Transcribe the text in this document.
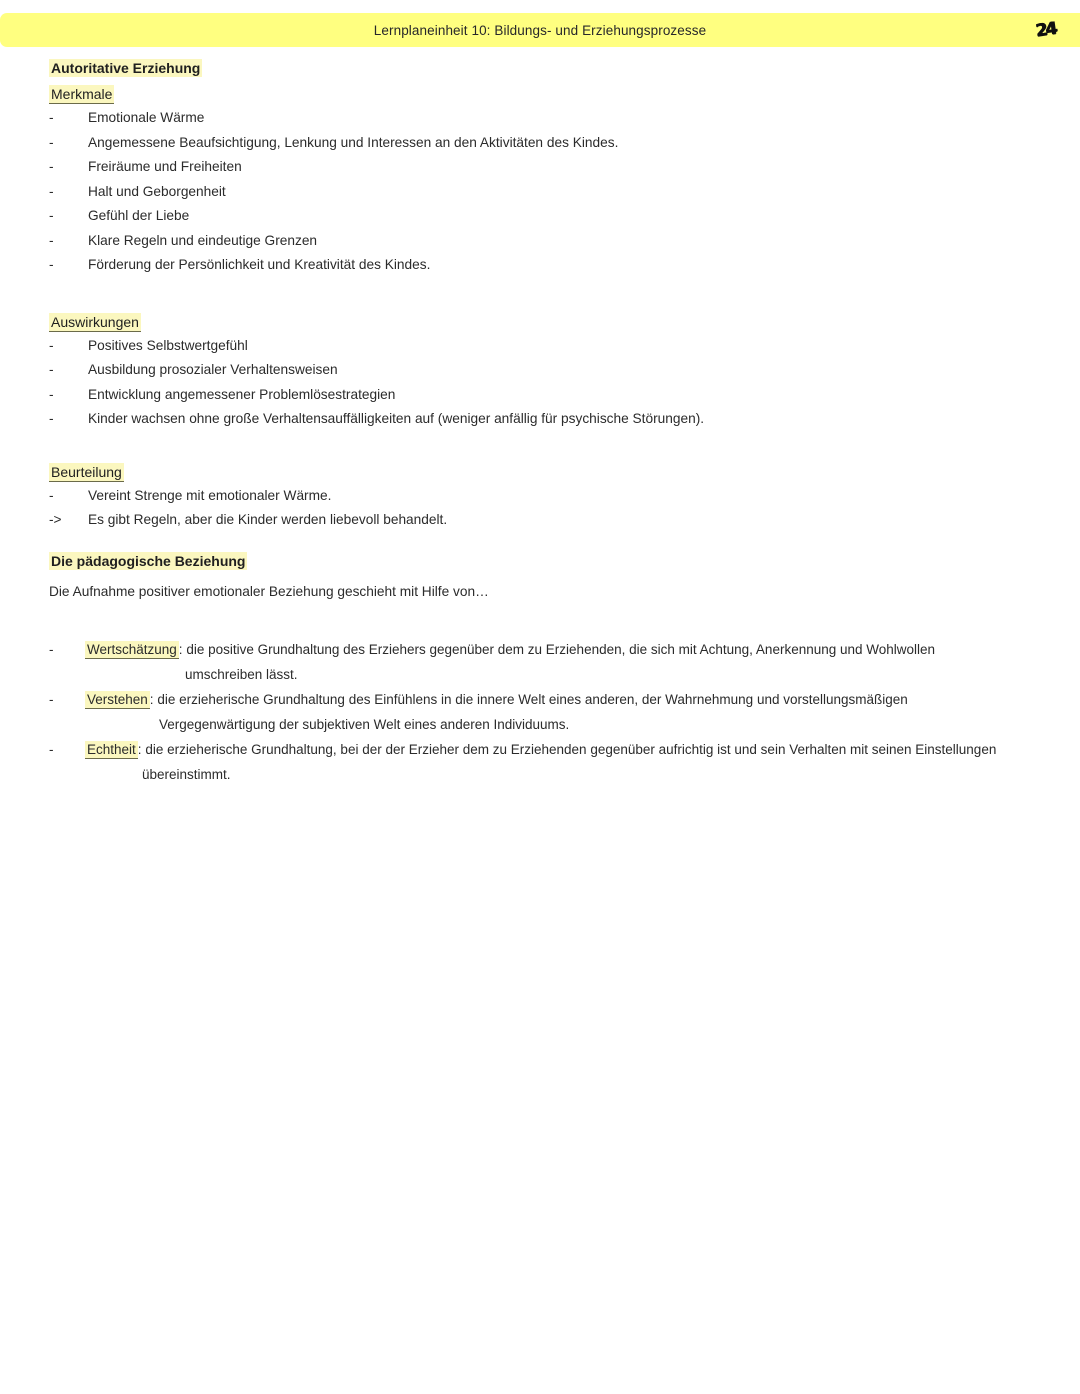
Lernplaneinheit 10: Bildungs- und Erziehungsprozesse	24
Autoritative Erziehung
Merkmale
-	Emotionale Wärme
-	Angemessene Beaufsichtigung, Lenkung und Interessen an den Aktivitäten des Kindes.
-	Freiräume und Freiheiten
-	Halt und Geborgenheit
-	Gefühl der Liebe
-	Klare Regeln und eindeutige Grenzen
-	Förderung der Persönlichkeit und Kreativität des Kindes.
Auswirkungen
-	Positives Selbstwertgefühl
-	Ausbildung prosozialer Verhaltensweisen
-	Entwicklung angemessener Problemlösestrategien
-	Kinder wachsen ohne große Verhaltensauffälligkeiten auf (weniger anfällig für psychische Störungen).
Beurteilung
-	Vereint Strenge mit emotionaler Wärme.
->	Es gibt Regeln, aber die Kinder werden liebevoll behandelt.
Die pädagogische Beziehung
Die Aufnahme positiver emotionaler Beziehung geschieht mit Hilfe von…
-	Wertschätzung : die positive Grundhaltung des Erziehers gegenüber dem zu Erziehenden, die sich mit Achtung, Anerkennung und Wohlwollen
umschreiben lässt.
-	Verstehen : die erzieherische Grundhaltung des Einfühlens in die innere Welt eines anderen, der Wahrnehmung und vorstellungsmäßigen
Vergegenwärtigung der subjektiven Welt eines anderen Individuums.
-	Echtheit : die erzieherische Grundhaltung, bei der der Erzieher dem zu Erziehenden gegenüber aufrichtig ist und sein Verhalten mit seinen Einstellungen
übereinstimmt.
